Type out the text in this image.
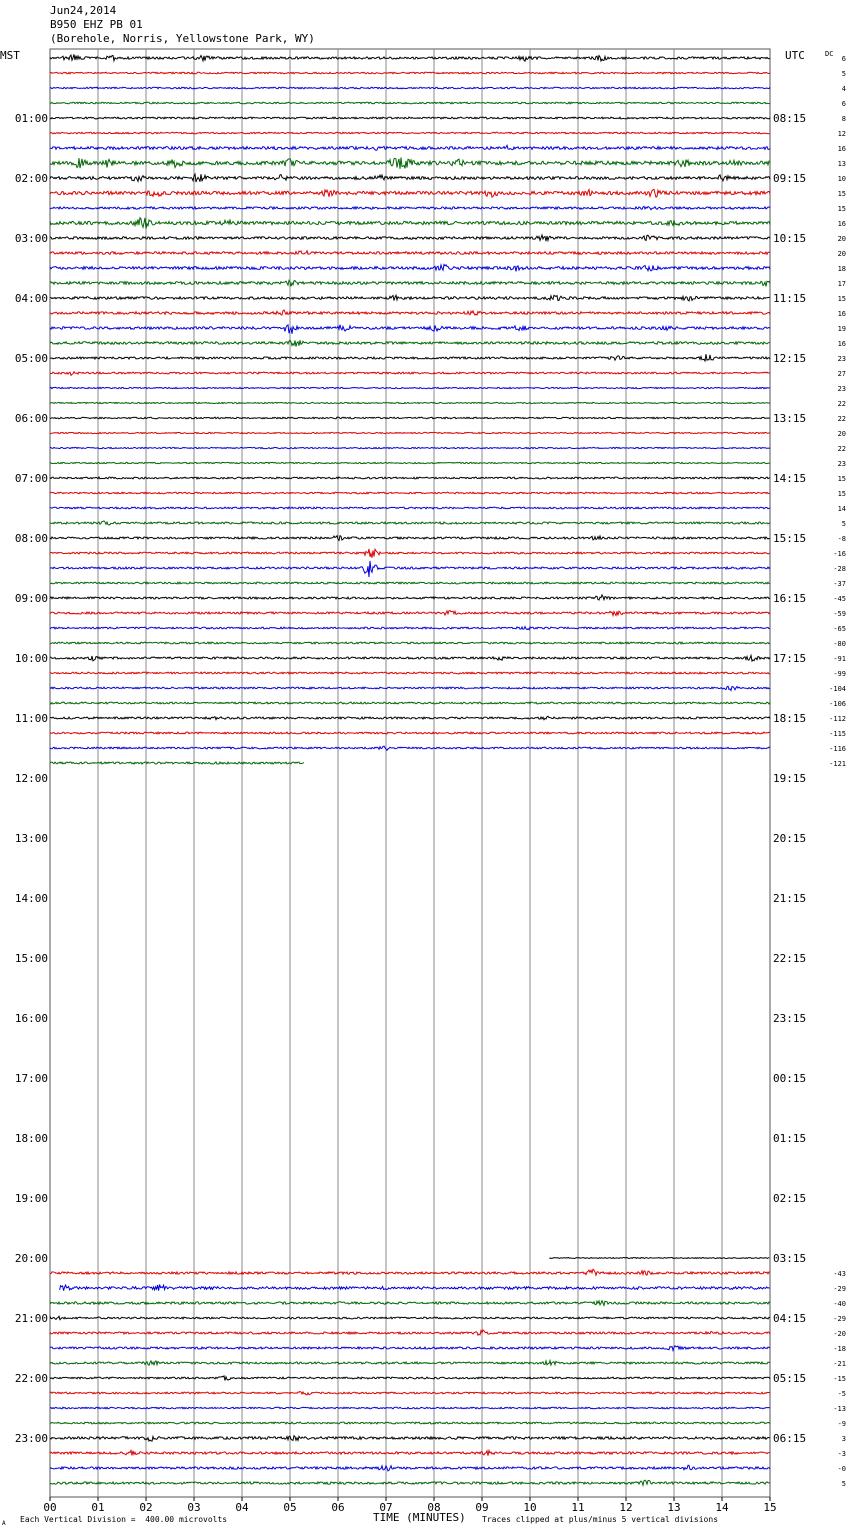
Jun24,2014
B950 EHZ PB 01
(Borehole, Norris, Yellowstone Park, WY)
MST	UTC	DC
00	01	02	03	04	05	06	07	08	09	10	11	12	13	14	15
01:00
02:00
03:00
04:00
05:00
06:00
07:00
08:00
09:00
10:00
11:00
12:00
13:00
14:00
15:00
16:00
17:00
18:00
19:00
20:00
21:00
22:00
23:00
08:15
09:15
10:15
11:15
12:15
13:15
14:15
15:15
16:15
17:15
18:15
19:15
20:15
21:15
22:15
23:15
00:15
01:15
02:15
03:15
04:15
05:15
06:15
6
5
4
6
8
12
16
13
10
15
15
16
20
20
18
17
15
16
19
16
23
27
23
22
22
20
22
23
15
15
14
5
-8
-16
-28
-37
-45
-59
-65
-80
-91
-99
-104
-106
-112
-115
-116
-121
-43
-29
-40
-29
-20
-18
-21
-15
-5
-13
-9
3
-3
-0
5
Each Vertical Division =  400.00 microvolts	TIME (MINUTES) Traces clipped at plus/minus 5 vertical divisions
A
